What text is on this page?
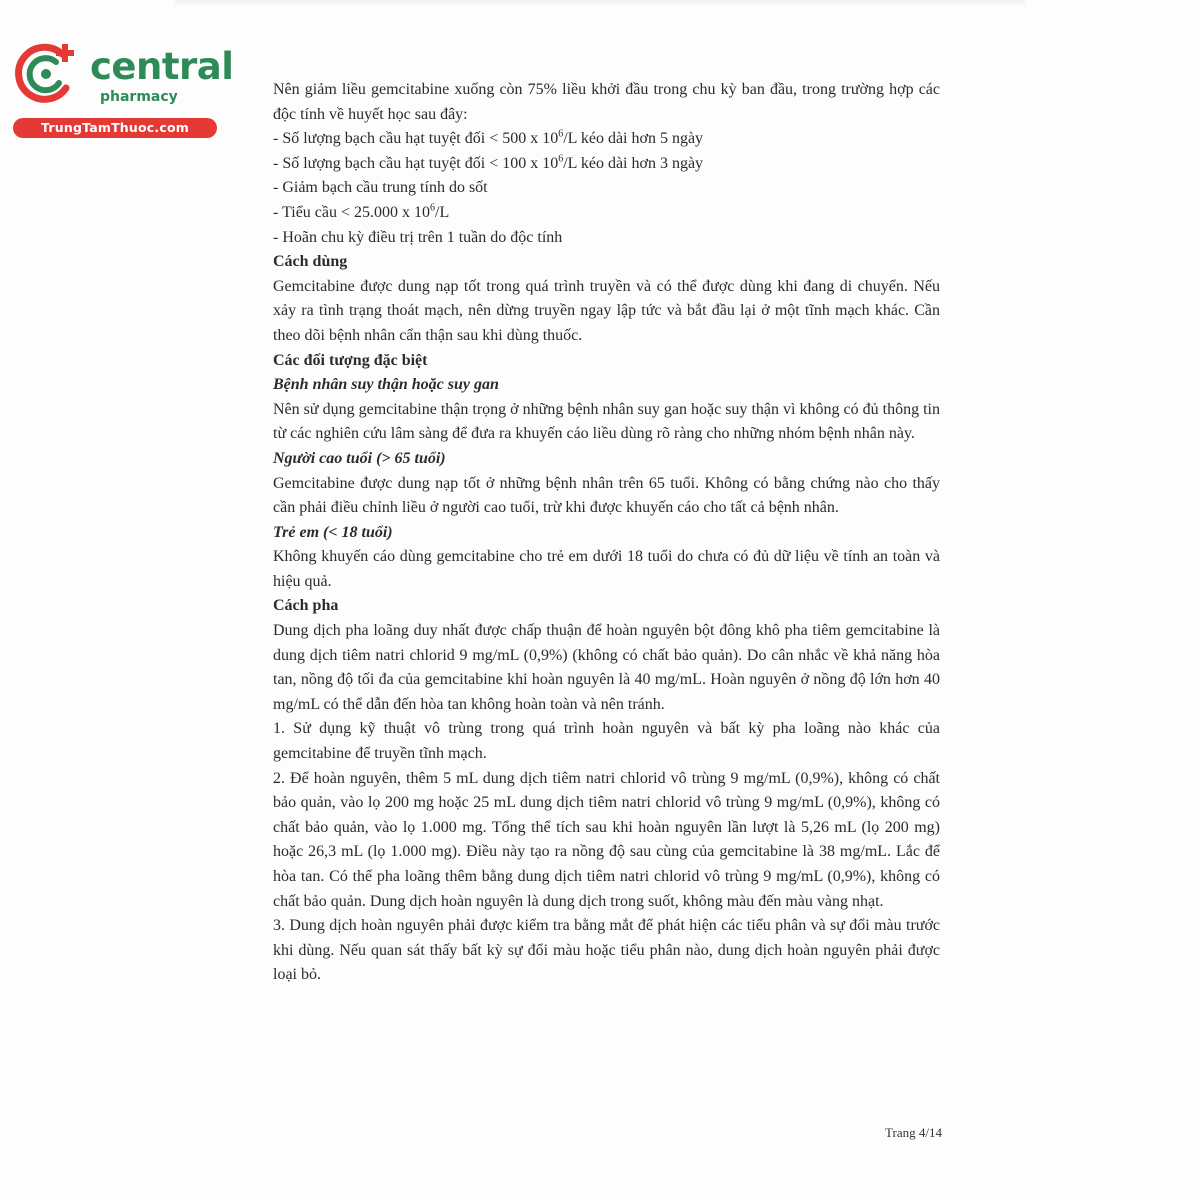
central
pharmacy
TrungTamThuoc.com

Nên giảm liều gemcitabine xuống còn 75% liều khởi đầu trong chu kỳ ban đầu, trong trường hợp các độc tính về huyết học sau đây:

- Số lượng bạch cầu hạt tuyệt đối < 500 x $10^6/L$ kéo dài hơn 5 ngày

- Số lượng bạch cầu hạt tuyệt đối < 100 x $10^6/L$ kéo dài hơn 3 ngày

- Giảm bạch cầu trung tính do sốt

- Tiểu cầu < 25.000 x $10^6/L$

- Hoãn chu kỳ điều trị trên 1 tuần do độc tính

Cách dùng

Gemcitabine được dung nạp tốt trong quá trình truyền và có thể được dùng khi đang di chuyển. Nếu xảy ra tình trạng thoát mạch, nên dừng truyền ngay lập tức và bắt đầu lại ở một tĩnh mạch khác. Cần theo dõi bệnh nhân cẩn thận sau khi dùng thuốc.

Các đối tượng đặc biệt

Bệnh nhân suy thận hoặc suy gan

Nên sử dụng gemcitabine thận trọng ở những bệnh nhân suy gan hoặc suy thận vì không có đủ thông tin từ các nghiên cứu lâm sàng để đưa ra khuyến cáo liều dùng rõ ràng cho những nhóm bệnh nhân này.

Người cao tuổi (> 65 tuổi)

Gemcitabine được dung nạp tốt ở những bệnh nhân trên 65 tuổi. Không có bằng chứng nào cho thấy cần phải điều chỉnh liều ở người cao tuổi, trừ khi được khuyến cáo cho tất cả bệnh nhân.

Trẻ em (< 18 tuổi)

Không khuyến cáo dùng gemcitabine cho trẻ em dưới 18 tuổi do chưa có đủ dữ liệu về tính an toàn và hiệu quả.

Cách pha

Dung dịch pha loãng duy nhất được chấp thuận để hoàn nguyên bột đông khô pha tiêm gemcitabine là dung dịch tiêm natri chlorid 9 mg/mL (0,9%) (không có chất bảo quản). Do cân nhắc về khả năng hòa tan, nồng độ tối đa của gemcitabine khi hoàn nguyên là 40 mg/mL. Hoàn nguyên ở nồng độ lớn hơn 40 mg/mL có thể dẫn đến hòa tan không hoàn toàn và nên tránh.

1. Sử dụng kỹ thuật vô trùng trong quá trình hoàn nguyên và bất kỳ pha loãng nào khác của gemcitabine để truyền tĩnh mạch.

2. Để hoàn nguyên, thêm 5 mL dung dịch tiêm natri chlorid vô trùng 9 mg/mL (0,9%), không có chất bảo quản, vào lọ 200 mg hoặc 25 mL dung dịch tiêm natri chlorid vô trùng 9 mg/mL (0,9%), không có chất bảo quản, vào lọ 1.000 mg. Tổng thể tích sau khi hoàn nguyên lần lượt là 5,26 mL (lọ 200 mg) hoặc 26,3 mL (lọ 1.000 mg). Điều này tạo ra nồng độ sau cùng của gemcitabine là 38 mg/mL. Lắc để hòa tan. Có thể pha loãng thêm bằng dung dịch tiêm natri chlorid vô trùng 9 mg/mL (0,9%), không có chất bảo quản. Dung dịch hoàn nguyên là dung dịch trong suốt, không màu đến màu vàng nhạt.

3. Dung dịch hoàn nguyên phải được kiểm tra bằng mắt để phát hiện các tiểu phân và sự đổi màu trước khi dùng. Nếu quan sát thấy bất kỳ sự đổi màu hoặc tiểu phân nào, dung dịch hoàn nguyên phải được loại bỏ.

Trang 4/14
